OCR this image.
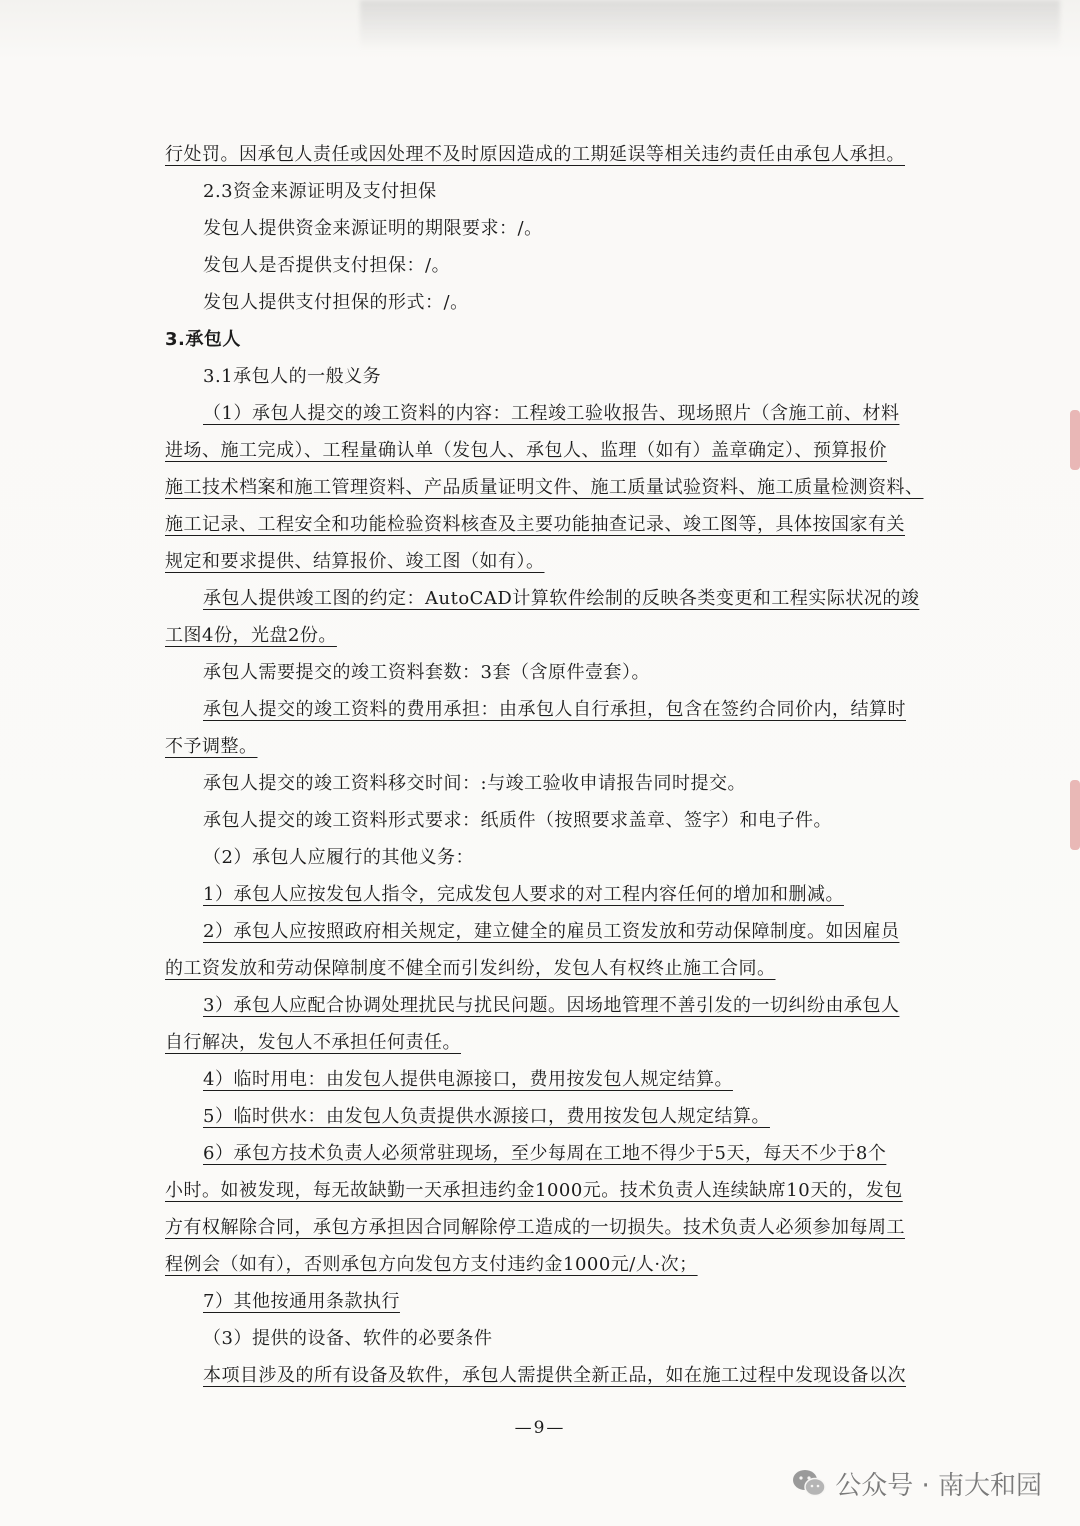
行处罚。因承包人责任或因处理不及时原因造成的工期延误等相关违约责任由承包人承担。
2.3资金来源证明及支付担保
发包人提供资金来源证明的期限要求：/。
发包人是否提供支付担保：/。
发包人提供支付担保的形式：/。
3.承包人
3.1承包人的一般义务
（1）承包人提交的竣工资料的内容：工程竣工验收报告、现场照片（含施工前、材料
进场、施工完成）、工程量确认单（发包人、承包人、监理（如有）盖章确定）、预算报价
施工技术档案和施工管理资料、产品质量证明文件、施工质量试验资料、施工质量检测资料、
施工记录、工程安全和功能检验资料核查及主要功能抽查记录、竣工图等，具体按国家有关
规定和要求提供、结算报价、竣工图（如有）。
承包人提供竣工图的约定：AutoCAD计算软件绘制的反映各类变更和工程实际状况的竣
工图4份，光盘2份。
承包人需要提交的竣工资料套数：3套（含原件壹套）。
承包人提交的竣工资料的费用承担：由承包人自行承担，包含在签约合同价内，结算时
不予调整。
承包人提交的竣工资料移交时间：:与竣工验收申请报告同时提交。
承包人提交的竣工资料形式要求：纸质件（按照要求盖章、签字）和电子件。
（2）承包人应履行的其他义务：
1）承包人应按发包人指令，完成发包人要求的对工程内容任何的增加和删减。
2）承包人应按照政府相关规定，建立健全的雇员工资发放和劳动保障制度。如因雇员
的工资发放和劳动保障制度不健全而引发纠纷，发包人有权终止施工合同。
3）承包人应配合协调处理扰民与扰民问题。因场地管理不善引发的一切纠纷由承包人
自行解决，发包人不承担任何责任。
4）临时用电：由发包人提供电源接口，费用按发包人规定结算。
5）临时供水：由发包人负责提供水源接口，费用按发包人规定结算。
6）承包方技术负责人必须常驻现场，至少每周在工地不得少于5天，每天不少于8个
小时。如被发现，每无故缺勤一天承担违约金1000元。技术负责人连续缺席10天的，发包
方有权解除合同，承包方承担因合同解除停工造成的一切损失。技术负责人必须参加每周工
程例会（如有），否则承包方向发包方支付违约金1000元/人·次；
7）其他按通用条款执行
（3）提供的设备、软件的必要条件
本项目涉及的所有设备及软件，承包人需提供全新正品，如在施工过程中发现设备以次
—9—
公众号 · 南大和园
